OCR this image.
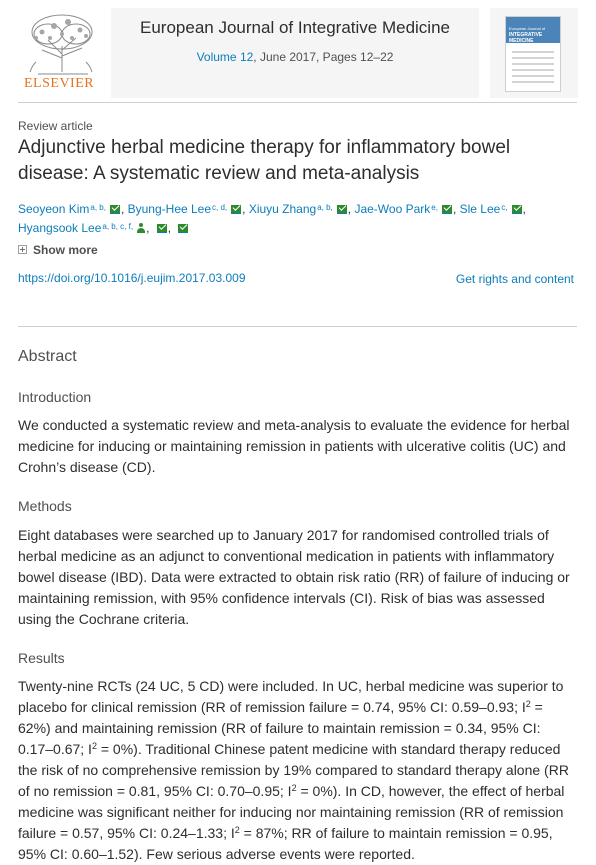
ELSEVIER
European Journal of Integrative Medicine
Volume 12, June 2017, Pages 12–22
European Journal of
INTEGRATIVE
MEDICINE
Review article
Adjunctive herbal medicine therapy for inflammatory bowel disease: A systematic review and meta-analysis
Seoyeon Kim$^{a, b,}$ , Byung-Hee Lee$^{c, d,}$ , Xiuyu Zhang$^{a, b,}$ , Jae-Woo Park$^{e,}$ , Sle Lee$^{c,}$ ,
Hyangsook Lee$^{a, b, c, f,}$ , ,
Show more
https://doi.org/10.1016/j.eujim.2017.03.009	Get rights and content
Abstract
Introduction

We conducted a systematic review and meta-analysis to evaluate the evidence for herbal medicine for inducing or maintaining remission in patients with ulcerative colitis (UC) and Crohn’s disease (CD).

Methods

Eight databases were searched up to January 2017 for randomised controlled trials of herbal medicine as an adjunct to conventional medication in patients with inflammatory bowel disease (IBD). Data were extracted to obtain risk ratio (RR) of failure of inducing or maintaining remission, with 95% confidence intervals (CI). Risk of bias was assessed using the Cochrane criteria.

Results

Twenty-nine RCTs (24 UC, 5 CD) were included. In UC, herbal medicine was superior to placebo for clinical remission (RR of remission failure = 0.74, 95% CI: 0.59–0.93; $I^2 = 62\%$) and maintaining remission (RR of failure to maintain remission = 0.34, 95% CI: 0.17–0.67; $I^2 = 0\%$). Traditional Chinese patent medicine with standard therapy reduced the risk of no comprehensive remission by 19% compared to standard therapy alone (RR of no remission = 0.81, 95% CI: 0.70–0.95; $I^2 = 0\%$). In CD, however, the effect of herbal medicine was significant neither for inducing nor maintaining remission (RR of remission failure = 0.57, 95% CI: 0.24–1.33; $I^2 = 87\%$; RR of failure to maintain remission = 0.95, 95% CI: 0.60–1.52). Few serious adverse events were reported.
